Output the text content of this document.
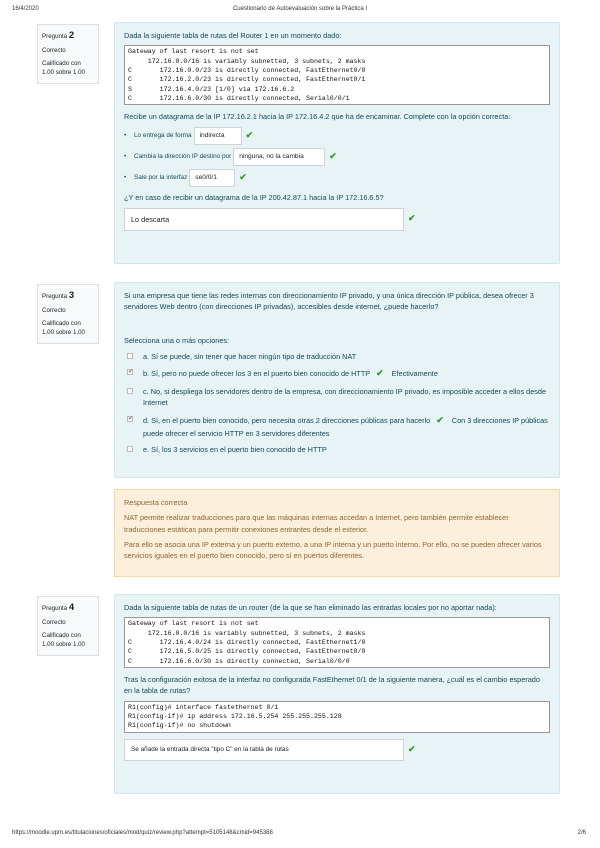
16/4/2020	Cuestionario de Autoevaluación sobre la Práctica I
Pregunta 2

Correcto

Calificado con 1.00 sobre 1.00

Dada la siguiente tabla de rutas del Router 1 en un momento dado:
Gateway of last resort is not set
172.16.0.0/16 is variably subnetted, 3 subnets, 2 masks
C       172.16.0.0/23 is directly connected, FastEthernet0/0
C       172.16.2.0/23 is directly connected, FastEthernet0/1
S       172.16.4.0/23 [1/0] via 172.16.6.2
C       172.16.6.0/30 is directly connected, Serial0/0/1
Recibe un datagrama de la IP 172.16.2.1 hacia la IP 172.16.4.2 que ha de encaminar. Complete con la opción correcta:
•	Lo entrega de forma	indirecta	✔
•	Cambia la dirección IP destino por	ninguna, no la cambia	✔
•	Sale por la interfaz	se0/0/1	✔
¿Y en caso de recibir un datagrama de la IP 200.42.87.1 hacia la IP 172.16.6.5?
Lo descarta	✔
Pregunta 3

Correcto

Calificado con 1.00 sobre 1.00

Si una empresa que tiene las redes internas con direccionamiento IP privado, y una única dirección IP pública, desea ofrecer 3 servidores Web dentro (con direcciones IP privadas), accesibles desde internet, ¿puede hacerlo?
Selecciona una o más opciones:
a. Sí se puede, sin tener que hacer ningún tipo de traducción NAT
✔ b. Sí, pero no puede ofrecer los 3 en el puerto bien conocido de HTTP ✔ Efectivamente
c. No, si despliega los servidores dentro de la empresa, con direccionamiento IP privado, es imposible acceder a ellos desde Internet
✔ d. Sí, en el puerto bien conocido, pero necesita otras 2 direcciones públicas para hacerlo ✔ Con 3 direcciones IP públicas puede ofrecer el servicio HTTP en 3 servidores diferentes
e. Sí, los 3 servicios en el puerto bien conocido de HTTP

Respuesta correcta

NAT permite realizar traducciones para que las máquinas internas accedan a Internet, pero también permite establecer traducciones estáticas para permitir conexiones entrantes desde el exterior.

Para ello se asocia una IP externa y un puerto externo, a una IP interna y un puerto interno. Por ello, no se pueden ofrecer varios servicios iguales en el puerto bien conocido, pero sí en puertos diferentes.

Pregunta 4

Correcto

Calificado con 1.00 sobre 1.00

Dada la siguiente tabla de rutas de un router (de la que se han eliminado las entradas locales por no aportar nada):
Gateway of last resort is not set
172.16.0.0/16 is variably subnetted, 3 subnets, 2 masks
C       172.16.4.0/24 is directly connected, FastEthernet1/0
C       172.16.5.0/25 is directly connected, FastEthernet0/0
C       172.16.6.0/30 is directly connected, Serial0/0/0
Tras la configuración exitosa de la interfaz no configurada FastEthernet 0/1 de la siguiente manera, ¿cuál es el cambio esperado en la tabla de rutas?
R1(config)# interface fastethernet 0/1
R1(config-if)# ip address 172.16.5.254 255.255.255.128
R1(config-if)# no shutdown
Se añade la entrada directa "tipo C" en la tabla de rutas	✔
https://moodle.upm.es/titulaciones/oficiales/mod/quiz/review.php?attempt=5105148&cmid=945388	2/6
